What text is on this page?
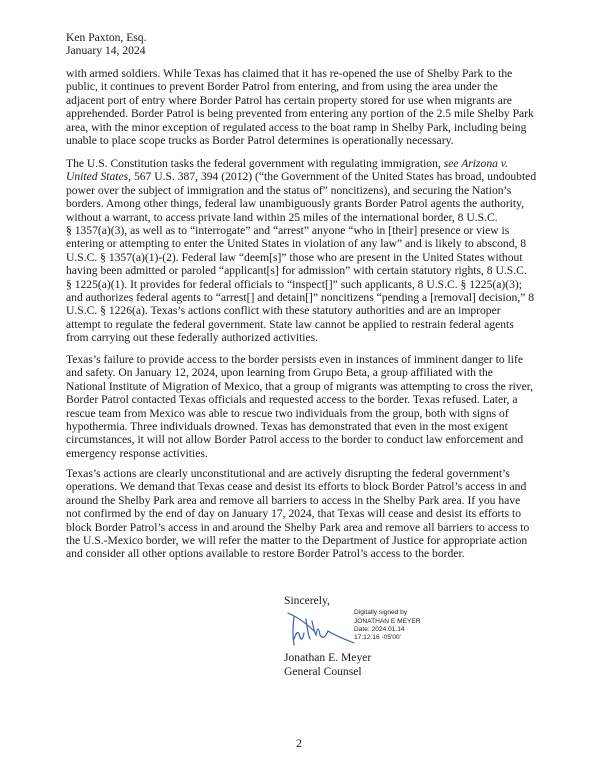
Ken Paxton, Esq.
January 14, 2024
with armed soldiers. While Texas has claimed that it has re-opened the use of Shelby Park to the
public, it continues to prevent Border Patrol from entering, and from using the area under the
adjacent port of entry where Border Patrol has certain property stored for use when migrants are
apprehended. Border Patrol is being prevented from entering any portion of the 2.5 mile Shelby Park
area, with the minor exception of regulated access to the boat ramp in Shelby Park, including being
unable to place scope trucks as Border Patrol determines is operationally necessary.
The U.S. Constitution tasks the federal government with regulating immigration, see Arizona v.
United States, 567 U.S. 387, 394 (2012) (“the Government of the United States has broad, undoubted
power over the subject of immigration and the status of” noncitizens), and securing the Nation’s
borders. Among other things, federal law unambiguously grants Border Patrol agents the authority,
without a warrant, to access private land within 25 miles of the international border, 8 U.S.C.
§ 1357(a)(3), as well as to “interrogate” and “arrest” anyone “who in [their] presence or view is
entering or attempting to enter the United States in violation of any law” and is likely to abscond, 8
U.S.C. § 1357(a)(1)-(2). Federal law “deem[s]” those who are present in the United States without
having been admitted or paroled “applicant[s] for admission” with certain statutory rights, 8 U.S.C.
§ 1225(a)(1). It provides for federal officials to “inspect[]” such applicants, 8 U.S.C. § 1225(a)(3);
and authorizes federal agents to “arrest[] and detain[]” noncitizens “pending a [removal] decision,” 8
U.S.C. § 1226(a). Texas’s actions conflict with these statutory authorities and are an improper
attempt to regulate the federal government. State law cannot be applied to restrain federal agents
from carrying out these federally authorized activities.
Texas’s failure to provide access to the border persists even in instances of imminent danger to life
and safety. On January 12, 2024, upon learning from Grupo Beta, a group affiliated with the
National Institute of Migration of Mexico, that a group of migrants was attempting to cross the river,
Border Patrol contacted Texas officials and requested access to the border. Texas refused. Later, a
rescue team from Mexico was able to rescue two individuals from the group, both with signs of
hypothermia. Three individuals drowned. Texas has demonstrated that even in the most exigent
circumstances, it will not allow Border Patrol access to the border to conduct law enforcement and
emergency response activities.
Texas’s actions are clearly unconstitutional and are actively disrupting the federal government’s
operations. We demand that Texas cease and desist its efforts to block Border Patrol’s access in and
around the Shelby Park area and remove all barriers to access in the Shelby Park area. If you have
not confirmed by the end of day on January 17, 2024, that Texas will cease and desist its efforts to
block Border Patrol’s access in and around the Shelby Park area and remove all barriers to access to
the U.S.-Mexico border, we will refer the matter to the Department of Justice for appropriate action
and consider all other options available to restore Border Patrol’s access to the border.
Sincerely,
Digitally signed by
JONATHAN E MEYER
Date: 2024.01.14
17:12:16 -05'00'
Jonathan E. Meyer
General Counsel
2
